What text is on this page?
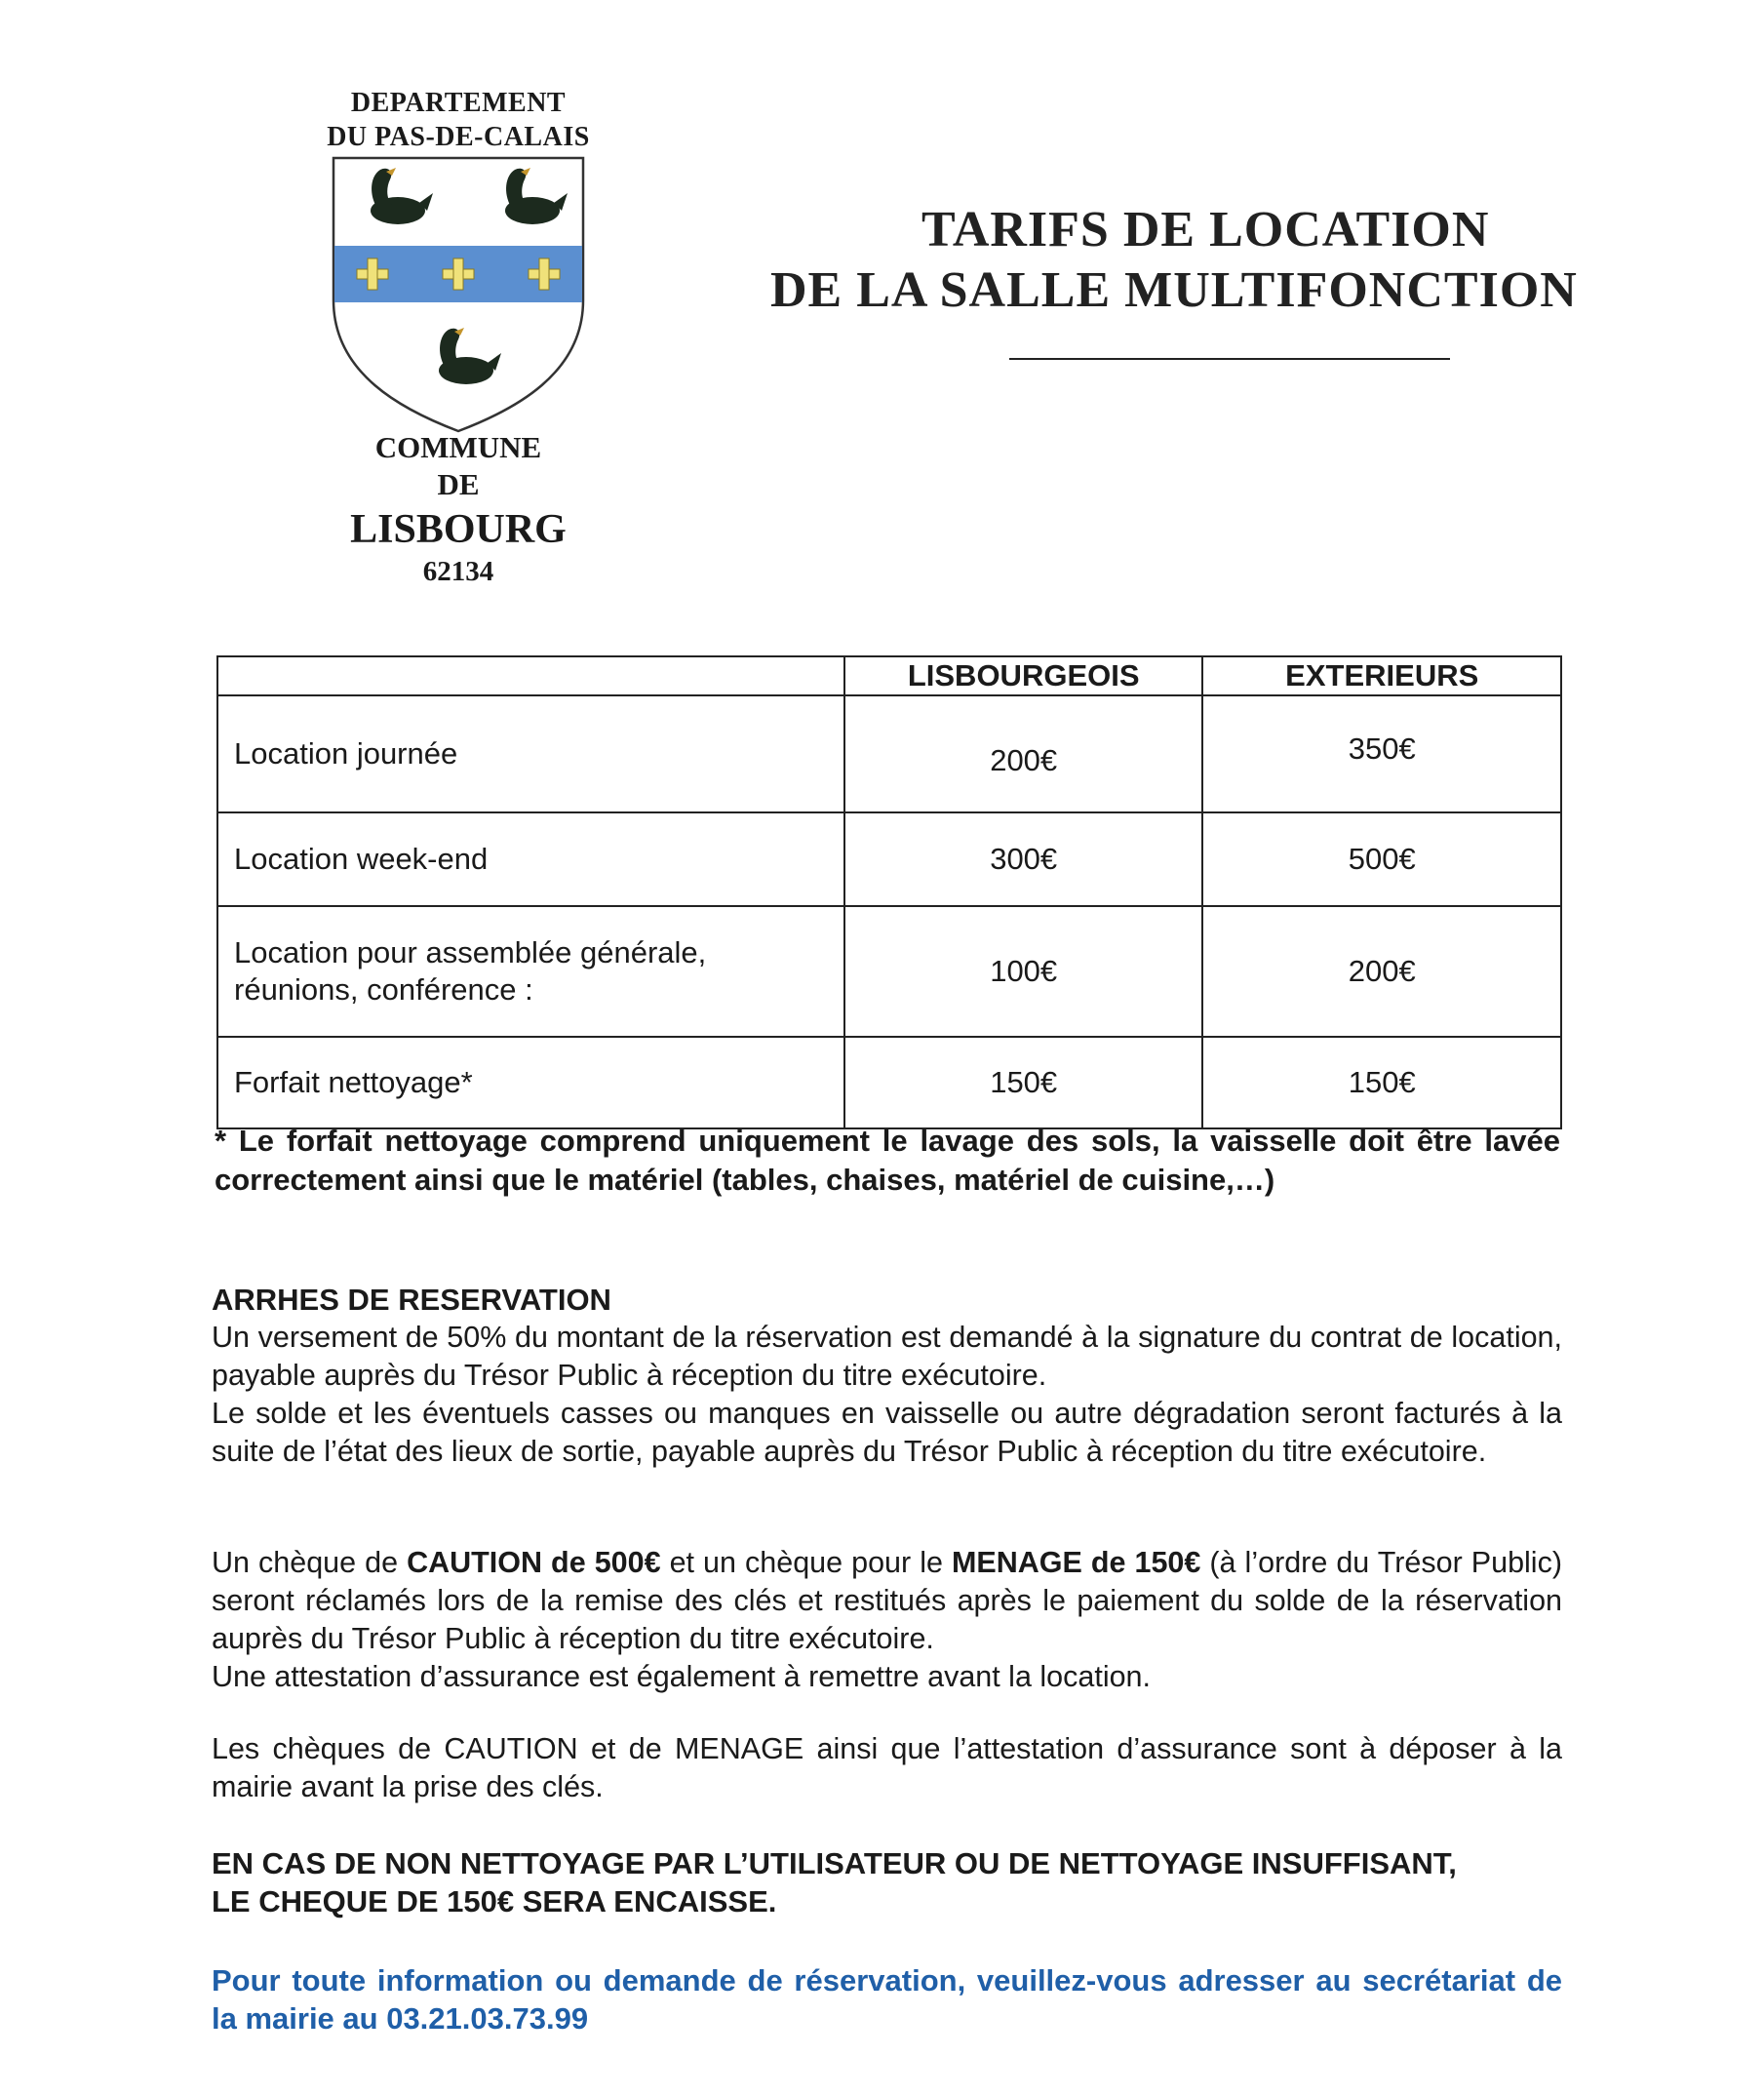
DEPARTEMENT
DU PAS-DE-CALAIS
COMMUNE
DE
LISBOURG
62134
TARIFS DE LOCATION
DE LA SALLE MULTIFONCTION
	LISBOURGEOIS	EXTERIEURS
Location journée	200€	350€
Location week-end	300€	500€

Location pour assemblée générale,
réunions, conférence :	100€	200€
Forfait nettoyage*	150€	150€
* Le forfait nettoyage comprend uniquement le lavage des sols, la vaisselle doit être lavée correctement ainsi que le matériel (tables, chaises, matériel de cuisine,…)
ARRHES DE RESERVATION

Un versement de 50% du montant de la réservation est demandé à la signature du contrat de location, payable auprès du Trésor Public à réception du titre exécutoire.

Le solde et les éventuels casses ou manques en vaisselle ou autre dégradation seront facturés à la suite de l’état des lieux de sortie, payable auprès du Trésor Public à réception du titre exécutoire.

Un chèque de CAUTION de 500€ et un chèque pour le MENAGE de 150€ (à l’ordre du Trésor Public) seront réclamés lors de la remise des clés et restitués après le paiement du solde de la réservation auprès du Trésor Public à réception du titre exécutoire.

Une attestation d’assurance est également à remettre avant la location.

Les chèques de CAUTION et de MENAGE ainsi que l’attestation d’assurance sont à déposer à la mairie avant la prise des clés.

EN CAS DE NON NETTOYAGE PAR L’UTILISATEUR OU DE NETTOYAGE INSUFFISANT,
LE CHEQUE DE 150€ SERA ENCAISSE.
Pour toute information ou demande de réservation, veuillez-vous adresser au secrétariat de la mairie au 03.21.03.73.99
